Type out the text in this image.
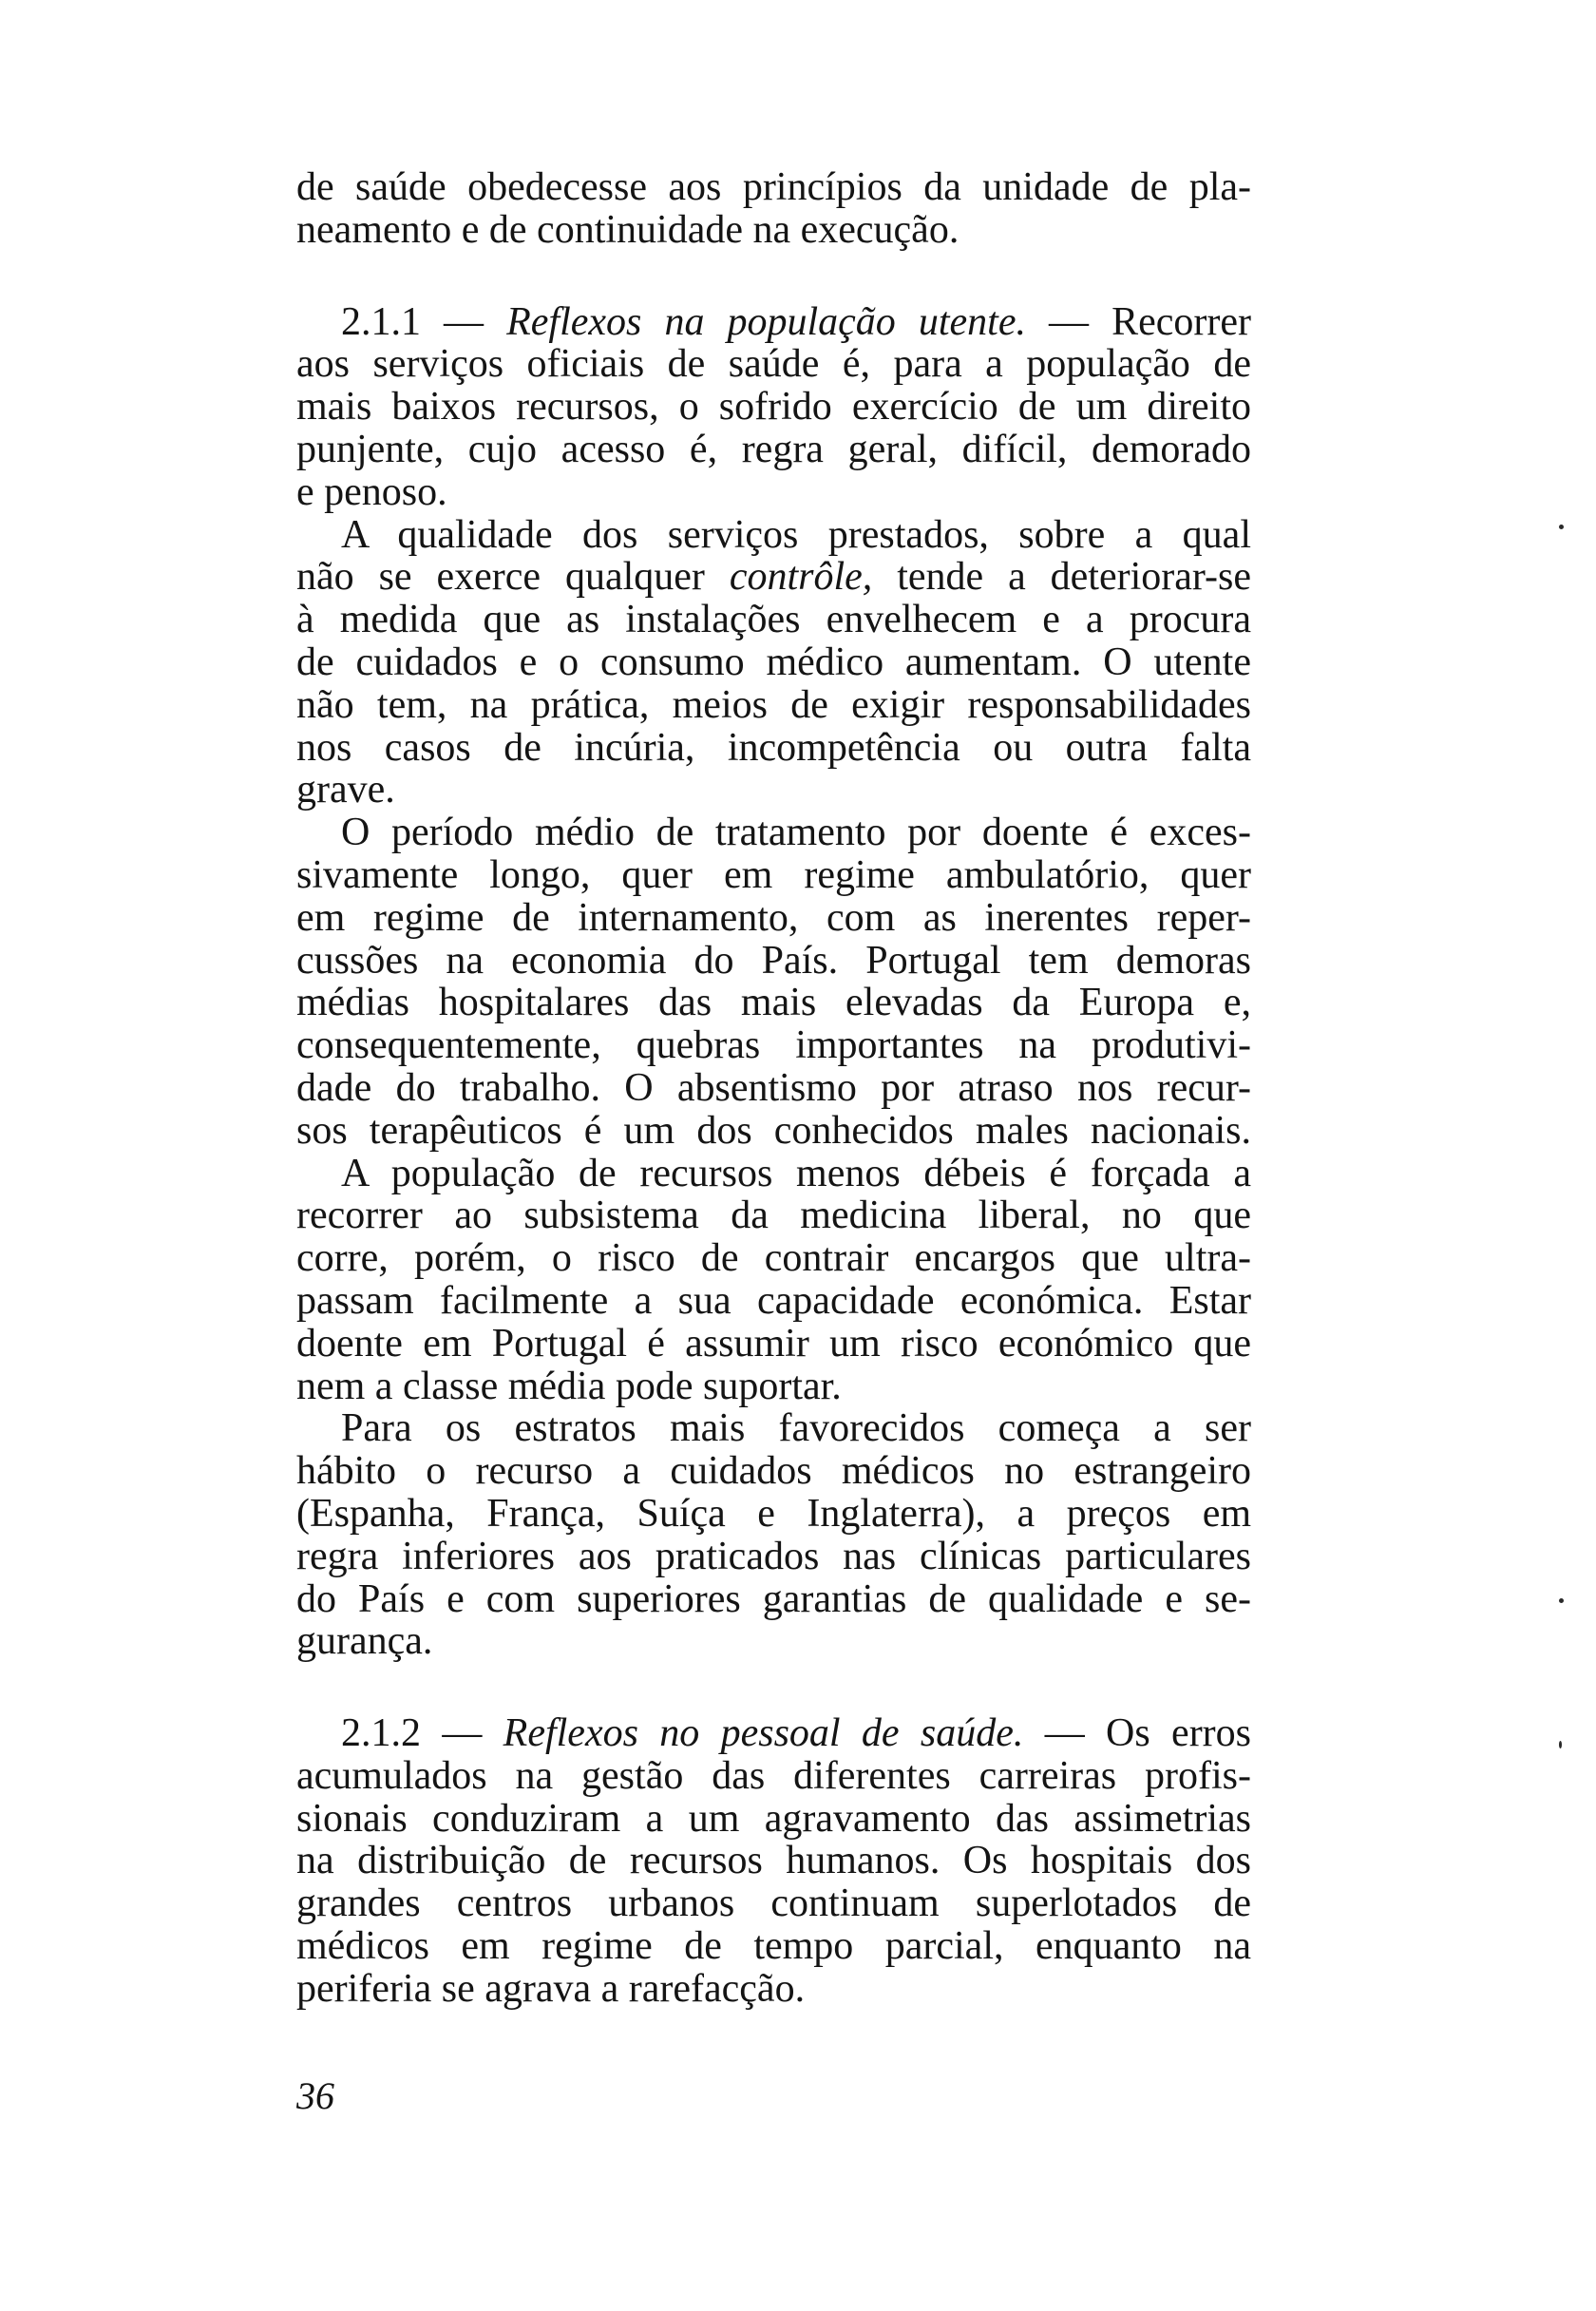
de saúde obedecesse aos princípios da unidade de pla-
neamento e de continuidade na execução.
2.1.1 — Reflexos na população utente. — Recorrer
aos serviços oficiais de saúde é, para a população de
mais baixos recursos, o sofrido exercício de um direito
punjente, cujo acesso é, regra geral, difícil, demorado
e penoso.
A qualidade dos serviços prestados, sobre a qual
não se exerce qualquer contrôle, tende a deteriorar-se
à medida que as instalações envelhecem e a procura
de cuidados e o consumo médico aumentam. O utente
não tem, na prática, meios de exigir responsabilidades
nos casos de incúria, incompetência ou outra falta
grave.
O período médio de tratamento por doente é exces-
sivamente longo, quer em regime ambulatório, quer
em regime de internamento, com as inerentes reper-
cussões na economia do País. Portugal tem demoras
médias hospitalares das mais elevadas da Europa e,
consequentemente, quebras importantes na produtivi-
dade do trabalho. O absentismo por atraso nos recur-
sos terapêuticos é um dos conhecidos males nacionais.
A população de recursos menos débeis é forçada a
recorrer ao subsistema da medicina liberal, no que
corre, porém, o risco de contrair encargos que ultra-
passam facilmente a sua capacidade económica. Estar
doente em Portugal é assumir um risco económico que
nem a classe média pode suportar.
Para os estratos mais favorecidos começa a ser
hábito o recurso a cuidados médicos no estrangeiro
(Espanha, França, Suíça e Inglaterra), a preços em
regra inferiores aos praticados nas clínicas particulares
do País e com superiores garantias de qualidade e se-
gurança.
2.1.2 — Reflexos no pessoal de saúde. — Os erros
acumulados na gestão das diferentes carreiras profis-
sionais conduziram a um agravamento das assimetrias
na distribuição de recursos humanos. Os hospitais dos
grandes centros urbanos continuam superlotados de
médicos em regime de tempo parcial, enquanto na
periferia se agrava a rarefacção.
36
